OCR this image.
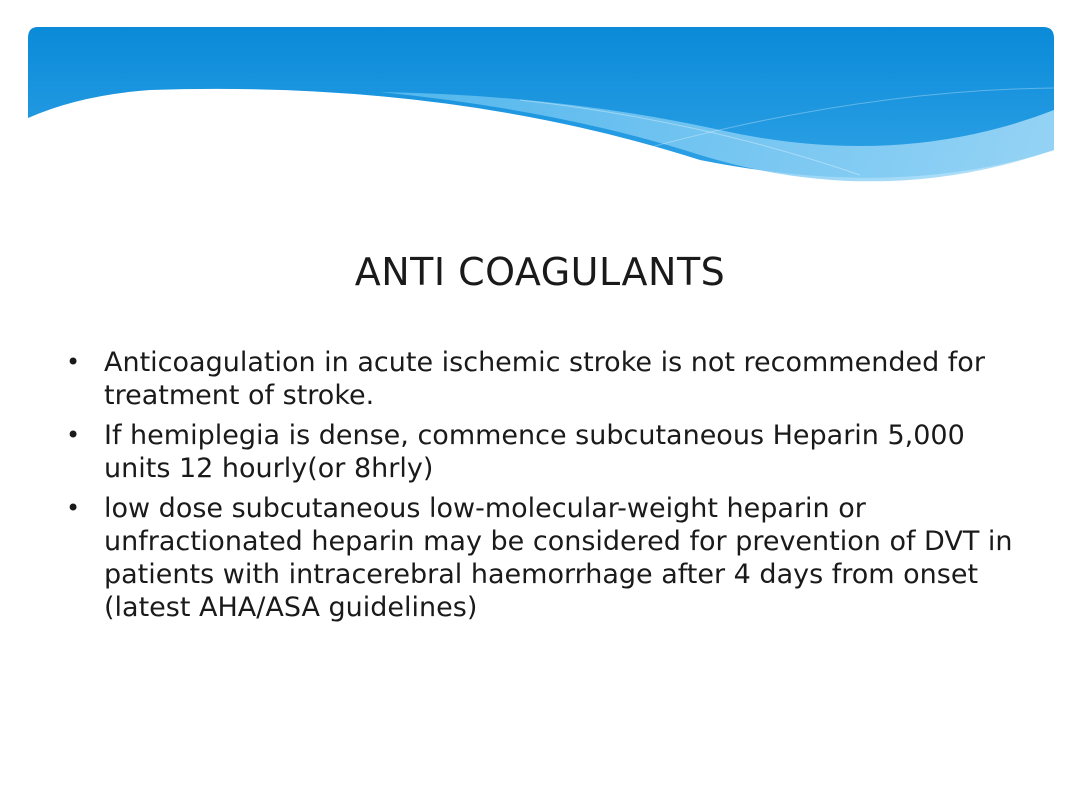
ANTI COAGULANTS
• Anticoagulation in acute ischemic stroke is not recommended for treatment of stroke.
• If hemiplegia is dense, commence subcutaneous Heparin 5,000 units 12 hourly(or 8hrly)
• low dose subcutaneous low-molecular-weight heparin or unfractionated heparin may be considered for prevention of DVT in patients with intracerebral haemorrhage after 4 days from onset (latest AHA/ASA guidelines)
